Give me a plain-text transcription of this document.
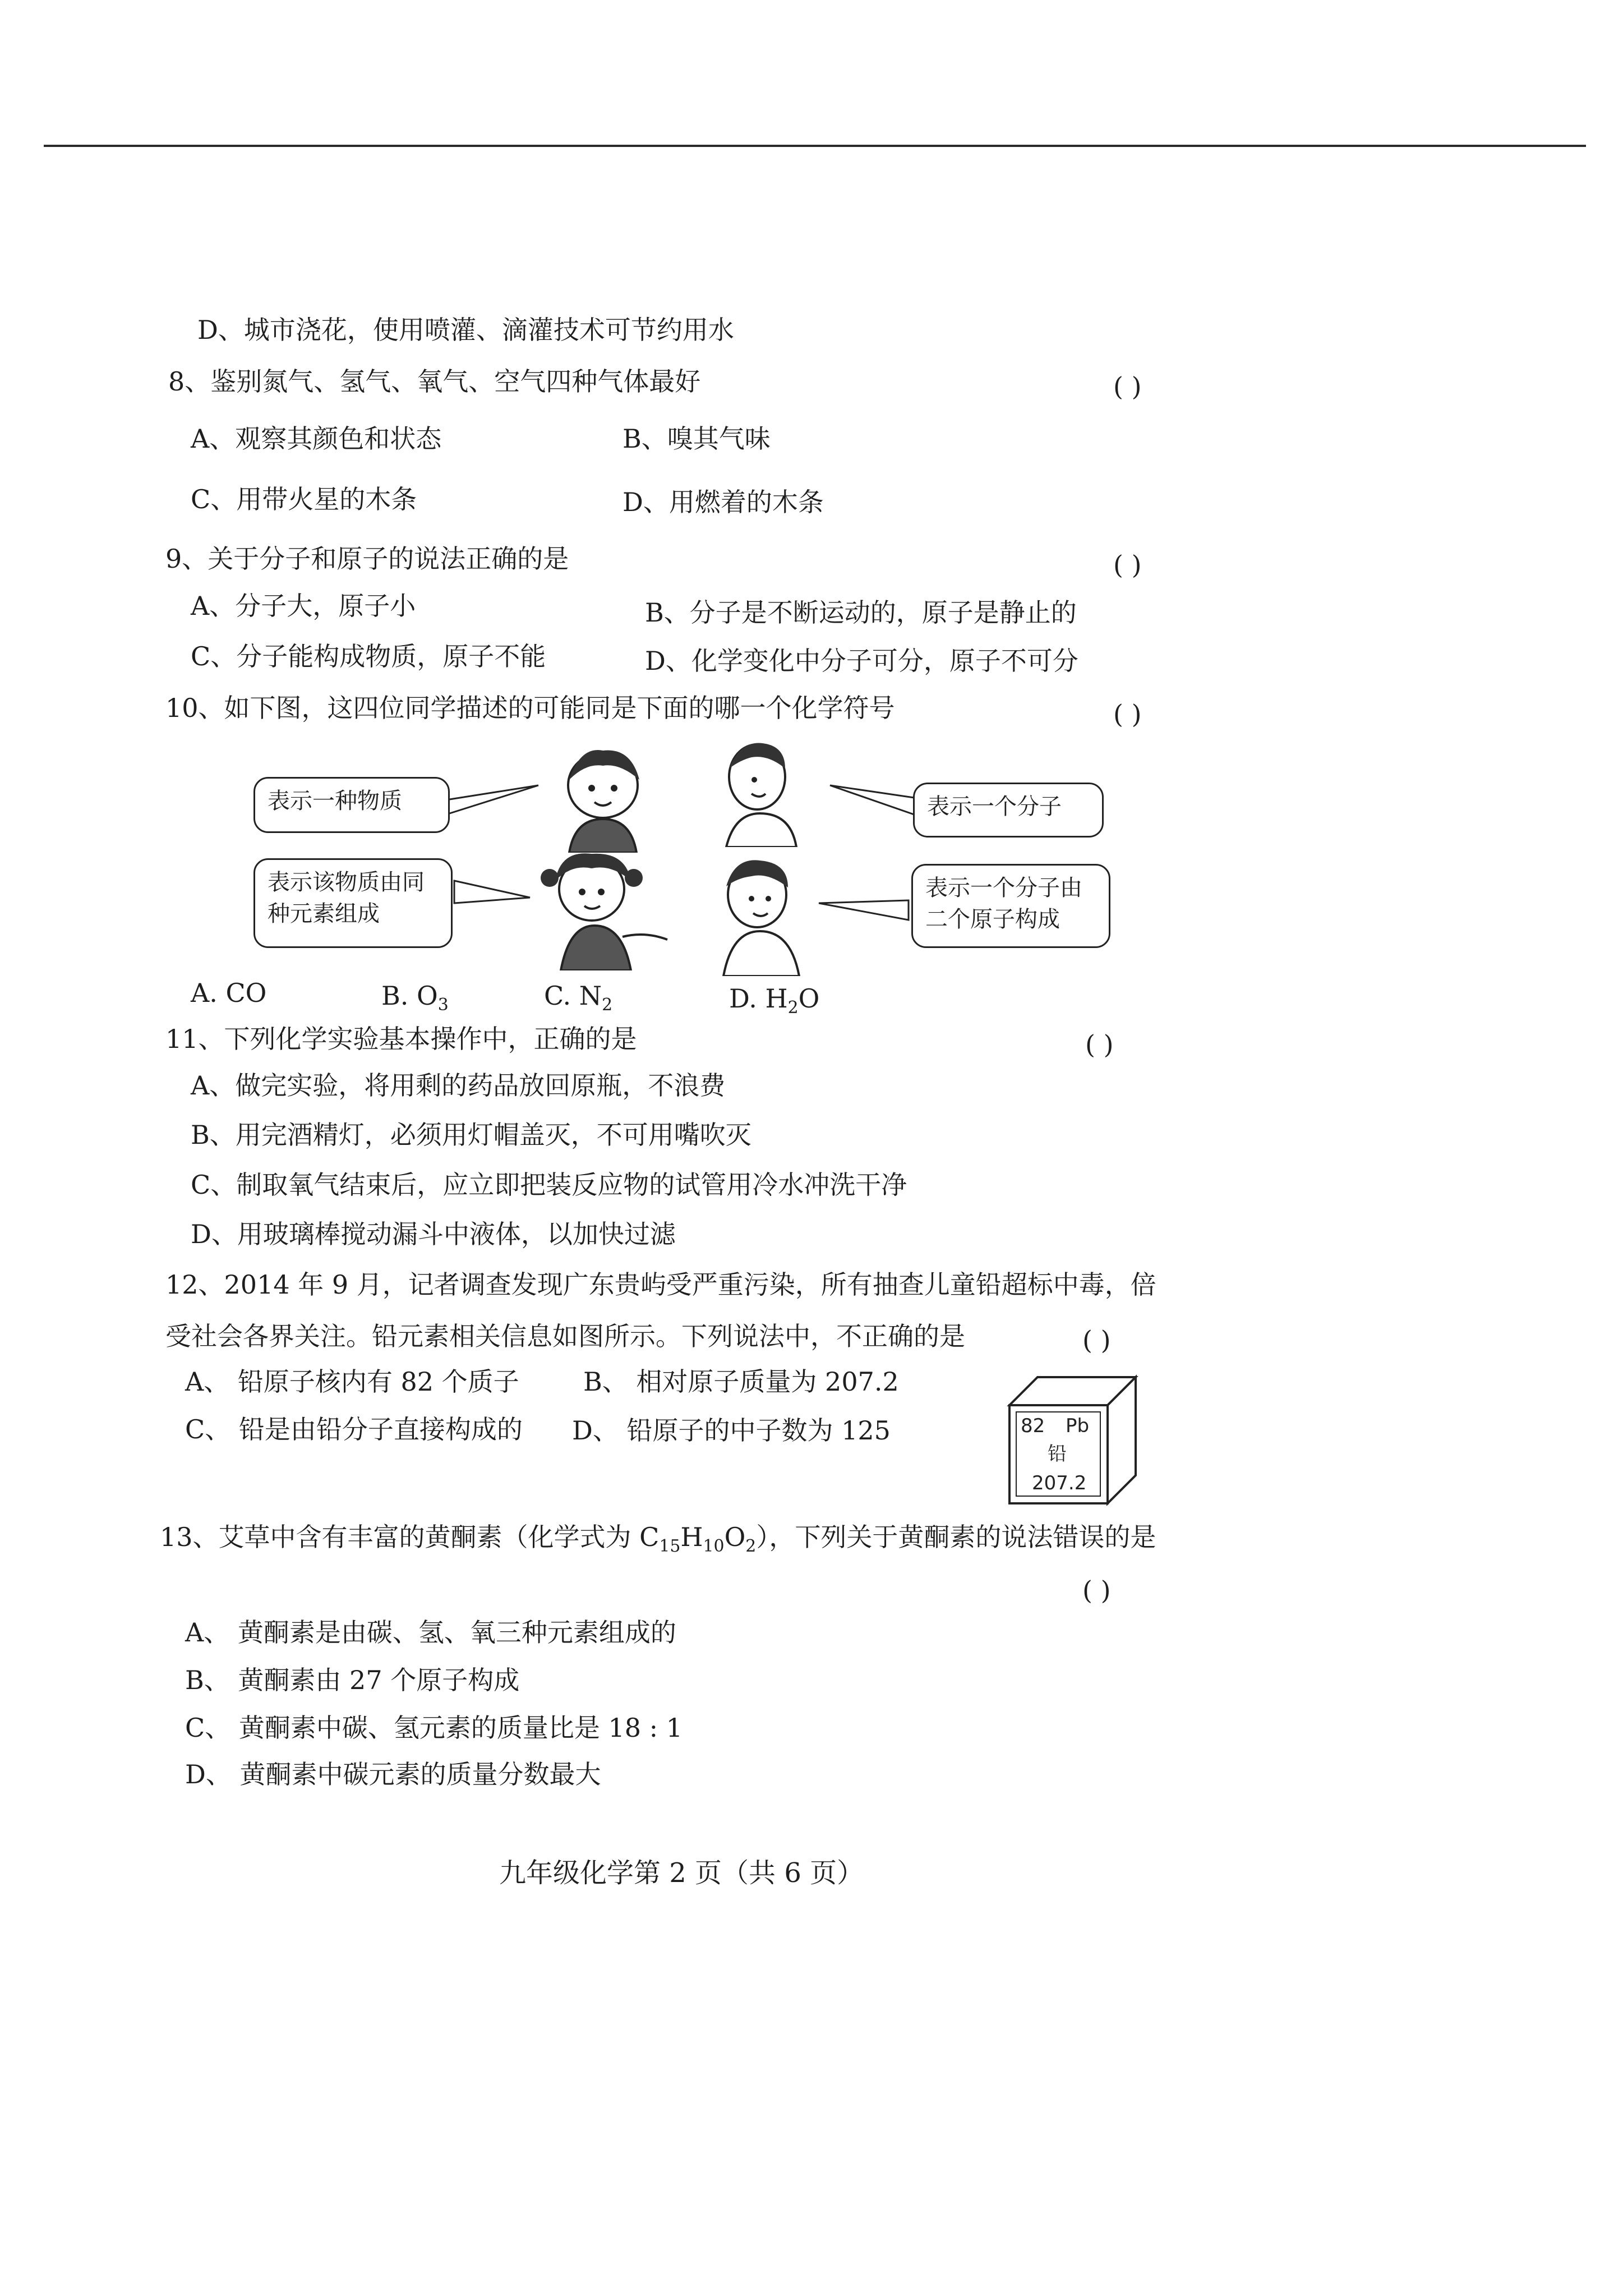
D、城市浇花，使用喷灌、滴灌技术可节约用水
8、鉴别氮气、氢气、氧气、空气四种气体最好	( )
A、观察其颜色和状态	B、嗅其气味
C、用带火星的木条	D、用燃着的木条
9、关于分子和原子的说法正确的是	( )
A、分子大，原子小	B、分子是不断运动的，原子是静止的
C、分子能构成物质，原子不能	D、化学变化中分子可分，原子不可分
10、如下图，这四位同学描述的可能同是下面的哪一个化学符号	( )
表示一种物质	表示一个分子
表示该物质由同种元素组成
表示一个分子由二个原子构成
A. CO	B. $O_3$	C. $N_2$	D. $H_2O$
11、下列化学实验基本操作中，正确的是	( )
A、做完实验，将用剩的药品放回原瓶，不浪费
B、用完酒精灯，必须用灯帽盖灭，不可用嘴吹灭
C、制取氧气结束后，应立即把装反应物的试管用冷水冲洗干净
D、用玻璃棒搅动漏斗中液体，以加快过滤
12、2014 年 9 月，记者调查发现广东贵屿受严重污染，所有抽查儿童铅超标中毒，倍
受社会各界关注。铅元素相关信息如图所示。下列说法中，不正确的是	( )
A、 铅原子核内有 82 个质子 B、 相对原子质量为 207.2
C、 铅是由铅分子直接构成的 D、 铅原子的中子数为 125	82 Pb
铅
207.2
13、艾草中含有丰富的黄酮素（化学式为 $C_{15}H_{10}O_2$），下列关于黄酮素的说法错误的是
( )
A、 黄酮素是由碳、氢、氧三种元素组成的
B、 黄酮素由 27 个原子构成
C、 黄酮素中碳、氢元素的质量比是 18 : 1
D、 黄酮素中碳元素的质量分数最大
九年级化学第 2 页（共 6 页）
